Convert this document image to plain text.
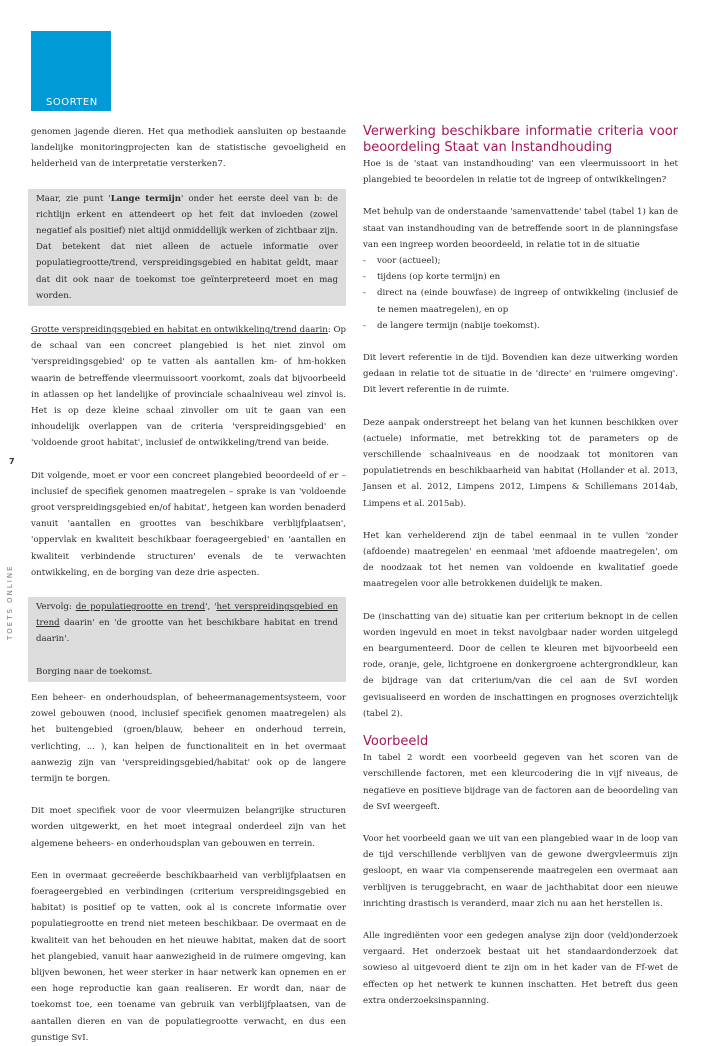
SOORTEN
7
TOETS ONLINE

genomen jagende dieren. Het qua methodiek aansluiten op bestaande landelijke monitoringprojecten kan de statistische gevoeligheid en helderheid van de interpretatie versterken7.

Maar, zie punt 'Lange termijn' onder het eerste deel van b: de richtlijn erkent en attendeert op het feit dat invloeden (zowel negatief als positief) niet altijd onmiddellijk werken of zichtbaar zijn. Dat betekent dat niet alleen de actuele informatie over populatiegrootte/trend, verspreidingsgebied en habitat geldt, maar dat dit ook naar de toekomst toe geïnterpreteerd moet en mag worden.

Grotte verspreidingsgebied en habitat en ontwikkeling/trend daarin: Op de schaal van een concreet plangebied is het niet zinvol om 'verspreidingsgebied' op te vatten als aantallen km- of hm-hokken waarin de betreffende vleermuissoort voorkomt, zoals dat bijvoorbeeld in atlassen op het landelijke of provinciale schaalniveau wel zinvol is. Het is op deze kleine schaal zinvoller om uit te gaan van een inhoudelijk overlappen van de criteria 'verspreidingsgebied' en 'voldoende groot habitat', inclusief de ontwikkeling/trend van beide.

Dit volgende, moet er voor een concreet plangebied beoordeeld of er – inclusief de specifiek genomen maatregelen – sprake is van 'voldoende groot verspreidingsgebied en/of habitat', hetgeen kan worden benaderd vanuit 'aantallen en groottes van beschikbare verblijfplaatsen', 'oppervlak en kwaliteit beschikbaar foerageergebied' en 'aantallen en kwaliteit verbindende structuren' evenals de te verwachten ontwikkeling, en de borging van deze drie aspecten.

Vervolg: de populatiegrootte en trend', 'het verspreidingsgebied en trend daarin' en 'de grootte van het beschikbare habitat en trend daarin'.

Borging naar de toekomst.

Een beheer- en onderhoudsplan, of beheermanagementsysteem, voor zowel gebouwen (nood, inclusief specifiek genomen maatregelen) als het buitengebied (groen/blauw, beheer en onderhoud terrein, verlichting, ... ), kan helpen de functionaliteit en in het overmaat aanwezig zijn van 'verspreidingsgebied/habitat' ook op de langere termijn te borgen.

Dit moet specifiek voor de voor vleermuizen belangrijke structuren worden uitgewerkt, en het moet integraal onderdeel zijn van het algemene beheers- en onderhoudsplan van gebouwen en terrein.

Een in overmaat gecreëerde beschikbaarheid van verblijfplaatsen en foerageergebied en verbindingen (criterium verspreidingsgebied en habitat) is positief op te vatten, ook al is concrete informatie over populatiegrootte en trend niet meteen beschikbaar. De overmaat en de kwaliteit van het behouden en het nieuwe habitat, maken dat de soort het plangebied, vanuit haar aanwezigheid in de ruimere omgeving, kan blijven bewonen, het weer sterker in haar netwerk kan opnemen en er een hoge reproductie kan gaan realiseren. Er wordt dan, naar de toekomst toe, een toename van gebruik van verblijfplaatsen, van de aantallen dieren en van de populatiegrootte verwacht, en dus een gunstige SvI.

Verwerking beschikbare informatie criteria voor beoordeling Staat van Instandhouding

Hoe is de 'staat van instandhouding' van een vleermuissoort in het plangebied te beoordelen in relatie tot de ingreep of ontwikkelingen?

Met behulp van de onderstaande 'samenvattende' tabel (tabel 1) kan de staat van instandhouding van de betreffende soort in de planningsfase van een ingreep worden beoordeeld, in relatie tot in de situatie

- voor (actueel);
- tijdens (op korte termijn) en
- direct na (einde bouwfase) de ingreep of ontwikkeling (inclusief de te nemen maatregelen), en op
- de langere termijn (nabije toekomst).

Dit levert referentie in de tijd. Bovendien kan deze uitwerking worden gedaan in relatie tot de situatie in de 'directe' en 'ruimere omgeving'. Dit levert referentie in de ruimte.

Deze aanpak onderstreept het belang van het kunnen beschikken over (actuele) informatie, met betrekking tot de parameters op de verschillende schaalniveaus en de noodzaak tot monitoren van populatietrends en beschikbaarheid van habitat (Hollander et al. 2013, Jansen et al. 2012, Limpens 2012, Limpens & Schillemans 2014ab, Limpens et al. 2015ab).

Het kan verhelderend zijn de tabel eenmaal in te vullen 'zonder (afdoende) maatregelen' en eenmaal 'met afdoende maatregelen', om de noodzaak tot het nemen van voldoende en kwalitatief goede maatregelen voor alle betrokkenen duidelijk te maken.

De (inschatting van de) situatie kan per criterium beknopt in de cellen worden ingevuld en moet in tekst navolgbaar nader worden uitgelegd en beargumenteerd. Door de cellen te kleuren met bijvoorbeeld een rode, oranje, gele, lichtgroene en donkergroene achtergrondkleur, kan de bijdrage van dat criterium/van die cel aan de SvI worden gevisualiseerd en worden de inschattingen en prognoses overzichtelijk (tabel 2).

Voorbeeld

In tabel 2 wordt een voorbeeld gegeven van het scoren van de verschillende factoren, met een kleurcodering die in vijf niveaus, de negatieve en positieve bijdrage van de factoren aan de beoordeling van de SvI weergeeft.

Voor het voorbeeld gaan we uit van een plangebied waar in de loop van de tijd verschillende verblijven van de gewone dwergvleermuis zijn gesloopt, en waar via compenserende maatregelen een overmaat aan verblijven is teruggebracht, en waar de jachthabitat door een nieuwe inrichting drastisch is veranderd, maar zich nu aan het herstellen is.

Alle ingrediënten voor een gedegen analyse zijn door (veld)onderzoek vergaard. Het onderzoek bestaat uit het standaardonderzoek dat sowieso al uitgevoerd dient te zijn om in het kader van de Ff-wet de effecten op het netwerk te kunnen inschatten. Het betreft dus geen extra onderzoeksinspanning.
